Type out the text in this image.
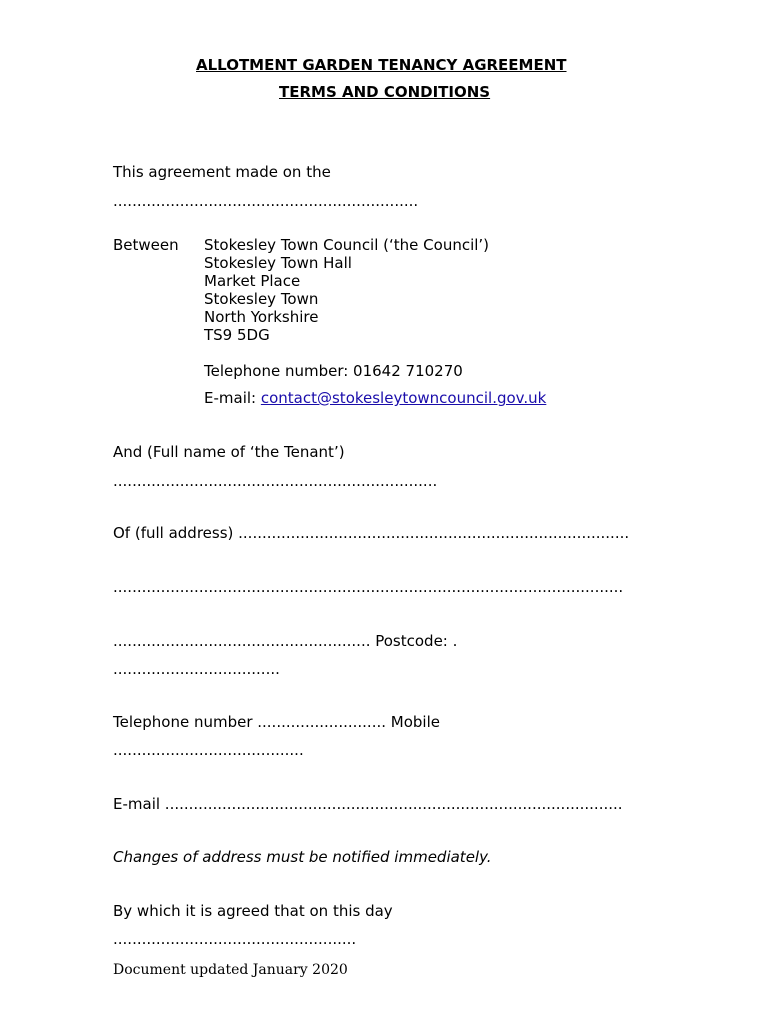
ALLOTMENT GARDEN TENANCY AGREEMENT
TERMS AND CONDITIONS
This agreement made on the
................................................................
Between Stokesley Town Council (‘the Council’)
Stokesley Town Hall
Market Place
Stokesley Town
North Yorkshire
TS9 5DG
Telephone number: 01642 710270
E-mail: contact@stokesleytowncouncil.gov.uk
And (Full name of ‘the Tenant’)
....................................................................
Of (full address) ..................................................................................
...........................................................................................................
...................................................... Postcode: .
...................................
Telephone number ........................... Mobile
........................................
E-mail ................................................................................................
Changes of address must be notified immediately.
By which it is agreed that on this day
...................................................
Document updated January 2020
